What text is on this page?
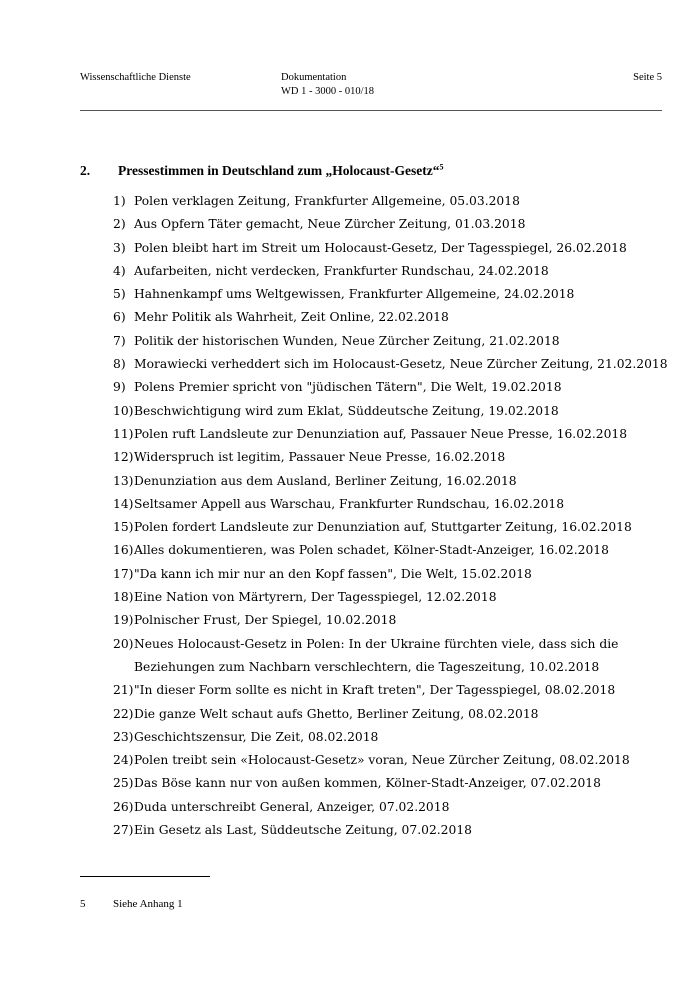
Wissenschaftliche Dienste	Dokumentation
WD 1 - 3000 - 010/18
Seite 5
2. Pressestimmen in Deutschland zum „Holocaust-Gesetz“$^5$
1) Polen verklagen Zeitung, Frankfurter Allgemeine, 05.03.2018
2) Aus Opfern Täter gemacht, Neue Zürcher Zeitung, 01.03.2018
3) Polen bleibt hart im Streit um Holocaust-Gesetz, Der Tagesspiegel, 26.02.2018
4) Aufarbeiten, nicht verdecken, Frankfurter Rundschau, 24.02.2018
5) Hahnenkampf ums Weltgewissen, Frankfurter Allgemeine, 24.02.2018
6) Mehr Politik als Wahrheit, Zeit Online, 22.02.2018
7) Politik der historischen Wunden, Neue Zürcher Zeitung, 21.02.2018
8) Morawiecki verheddert sich im Holocaust-Gesetz, Neue Zürcher Zeitung, 21.02.2018
9) Polens Premier spricht von "jüdischen Tätern", Die Welt, 19.02.2018
10) Beschwichtigung wird zum Eklat, Süddeutsche Zeitung, 19.02.2018
11) Polen ruft Landsleute zur Denunziation auf, Passauer Neue Presse, 16.02.2018
12) Widerspruch ist legitim, Passauer Neue Presse, 16.02.2018
13) Denunziation aus dem Ausland, Berliner Zeitung, 16.02.2018
14) Seltsamer Appell aus Warschau, Frankfurter Rundschau, 16.02.2018
15) Polen fordert Landsleute zur Denunziation auf, Stuttgarter Zeitung, 16.02.2018
16) Alles dokumentieren, was Polen schadet, Kölner-Stadt-Anzeiger, 16.02.2018
17) "Da kann ich mir nur an den Kopf fassen", Die Welt, 15.02.2018
18) Eine Nation von Märtyrern, Der Tagesspiegel, 12.02.2018
19) Polnischer Frust, Der Spiegel, 10.02.2018
20) Neues Holocaust-Gesetz in Polen: In der Ukraine fürchten viele, dass sich die Beziehungen zum Nachbarn verschlechtern, die Tageszeitung, 10.02.2018
21) "In dieser Form sollte es nicht in Kraft treten", Der Tagesspiegel, 08.02.2018
22) Die ganze Welt schaut aufs Ghetto, Berliner Zeitung, 08.02.2018
23) Geschichtszensur, Die Zeit, 08.02.2018
24) Polen treibt sein «Holocaust-Gesetz» voran, Neue Zürcher Zeitung, 08.02.2018
25) Das Böse kann nur von außen kommen, Kölner-Stadt-Anzeiger, 07.02.2018
26) Duda unterschreibt General, Anzeiger, 07.02.2018
27) Ein Gesetz als Last, Süddeutsche Zeitung, 07.02.2018
5	Siehe Anhang 1
